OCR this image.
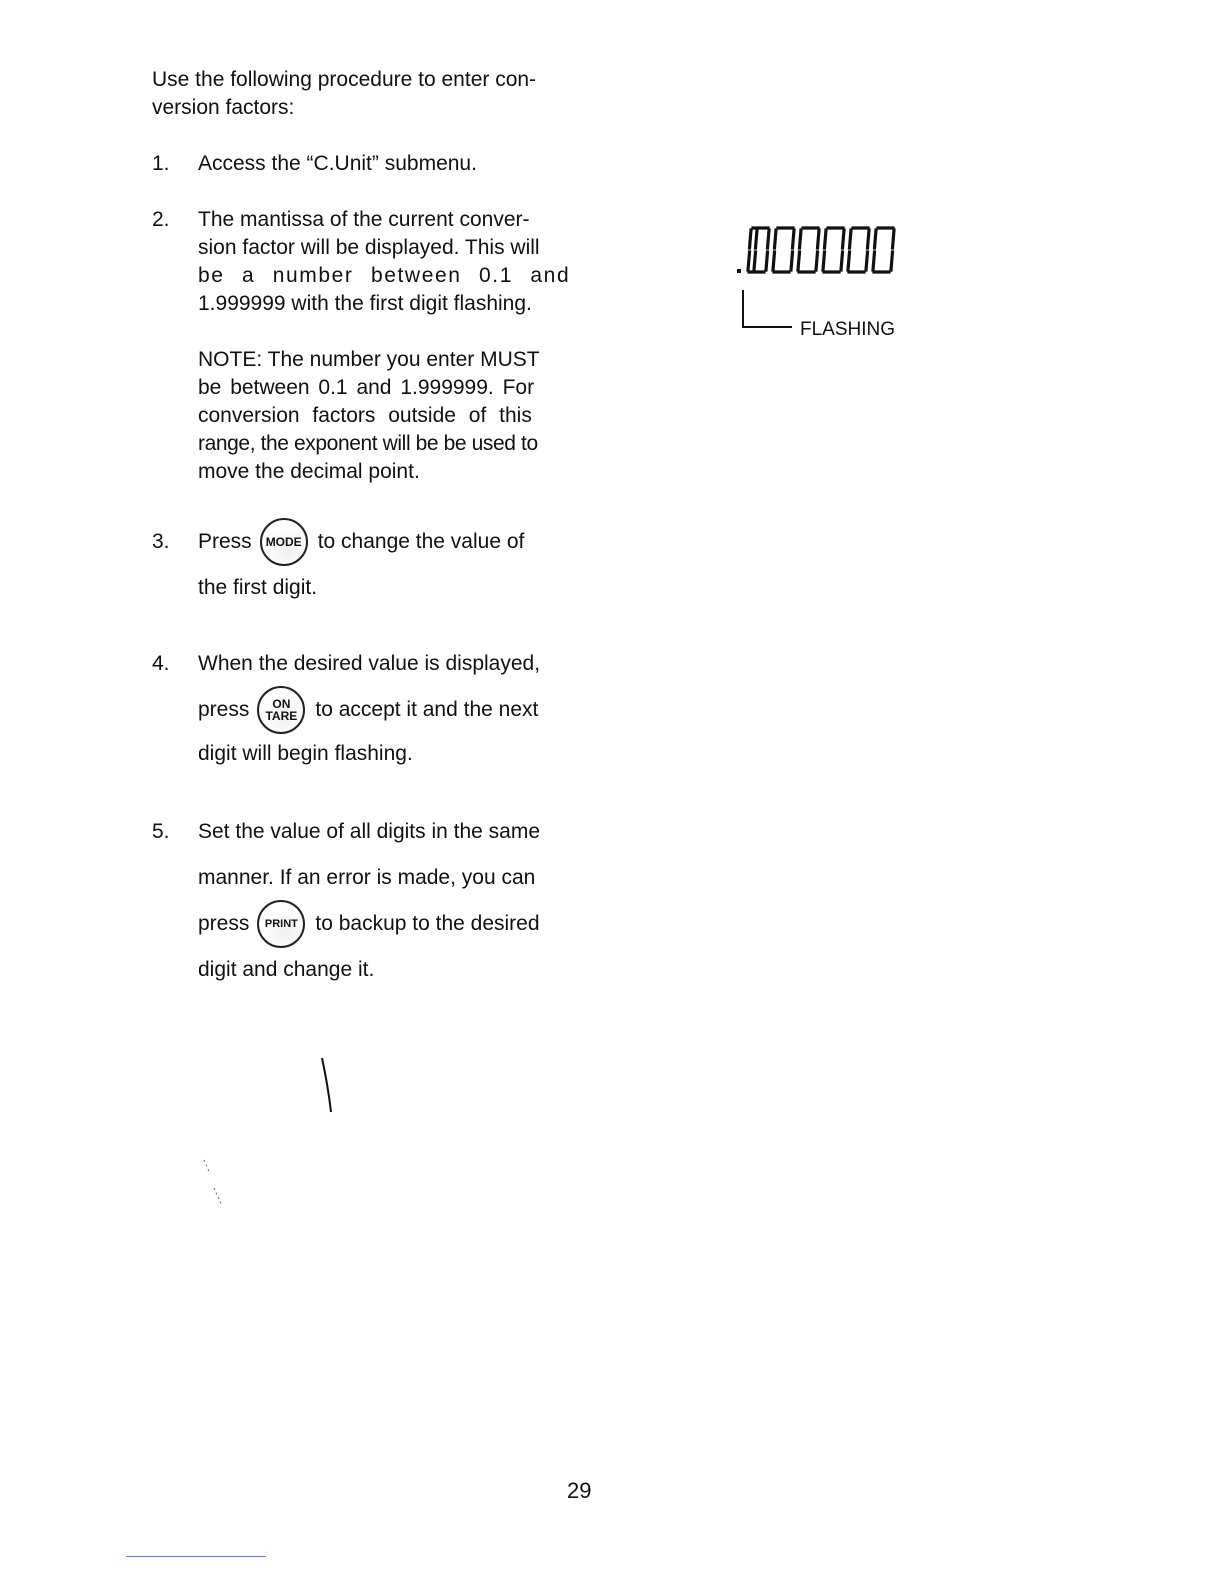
Use the following procedure to enter con-
version factors:
1.	Access the “C.Unit” submenu.
2.	The mantissa of the current conver-
sion factor will be displayed. This will
be a number between 0.1 and
1.999999 with the first digit flashing.
NOTE: The number you enter MUST
be between 0.1 and 1.999999. For
conversion factors outside of this
range, the exponent will be be used to
move the decimal point.
3.	Press MODE to change the value of
the first digit.
4.	When the desired value is displayed,
press ON
TARE to accept it and the next
digit will begin flashing.
5.	Set the value of all digits in the same
manner. If an error is made, you can
press PRINT to backup to the desired
digit and change it.
FLASHING
29
